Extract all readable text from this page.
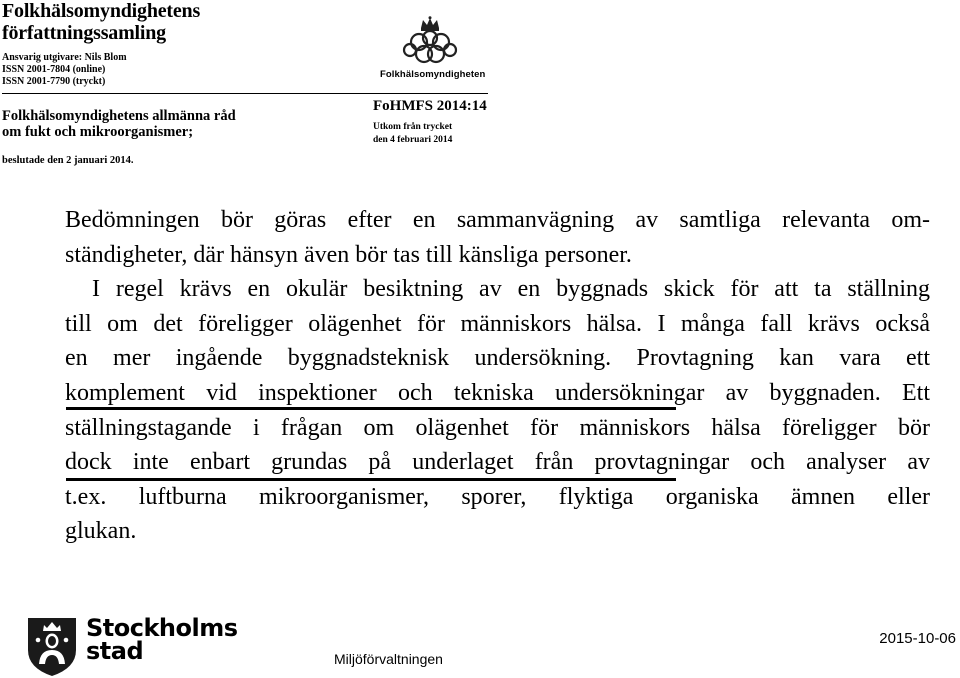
Folkhälsomyndighetens
författningssamling
Ansvarig utgivare: Nils Blom
ISSN 2001-7804 (online)
ISSN 2001-7790 (tryckt)
Folkhälsomyndighetens allmänna råd
om fukt och mikroorganismer;
beslutade den 2 januari 2014.
Folkhälsomyndigheten
FoHMFS 2014:14
Utkom från trycket
den 4 februari 2014
Bedömningen bör göras efter en sammanvägning av samtliga relevanta om-
ständigheter, där hänsyn även bör tas till känsliga personer.
I regel krävs en okulär besiktning av en byggnads skick för att ta ställning
till om det föreligger olägenhet för människors hälsa. I många fall krävs också
en mer ingående byggnadsteknisk undersökning. Provtagning kan vara ett
komplement vid inspektioner och tekniska undersökningar av byggnaden. Ett
ställningstagande i frågan om olägenhet för människors hälsa föreligger bör
dock inte enbart grundas på underlaget från provtagningar och analyser av
t.ex. luftburna mikroorganismer, sporer, flyktiga organiska ämnen eller
glukan.
Stockholms
stad	Miljöförvaltningen
2015-10-06
